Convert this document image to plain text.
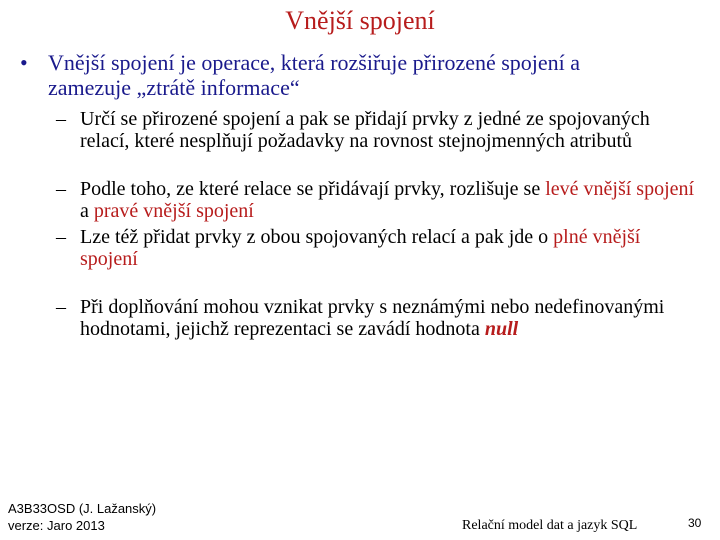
Vnější spojení
• Vnější spojení je operace, která rozšiřuje přirozené spojení a zamezuje „ztrátě informace“
– Určí se přirozené spojení a pak se přidají prvky z jedné ze spojovaných relací, které nesplňují požadavky na rovnost stejnojmenných atributů
– Podle toho, ze které relace se přidávají prvky, rozlišuje se levé vnější spojení a pravé vnější spojení
– Lze též přidat prvky z obou spojovaných relací a pak jde o plné vnější spojení
– Při doplňování mohou vznikat prvky s neznámými nebo nedefinovanými hodnotami, jejichž reprezentaci se zavádí hodnota null
A3B33OSD (J. Lažanský)
verze: Jaro 2013	Relační model dat a jazyk SQL	30
